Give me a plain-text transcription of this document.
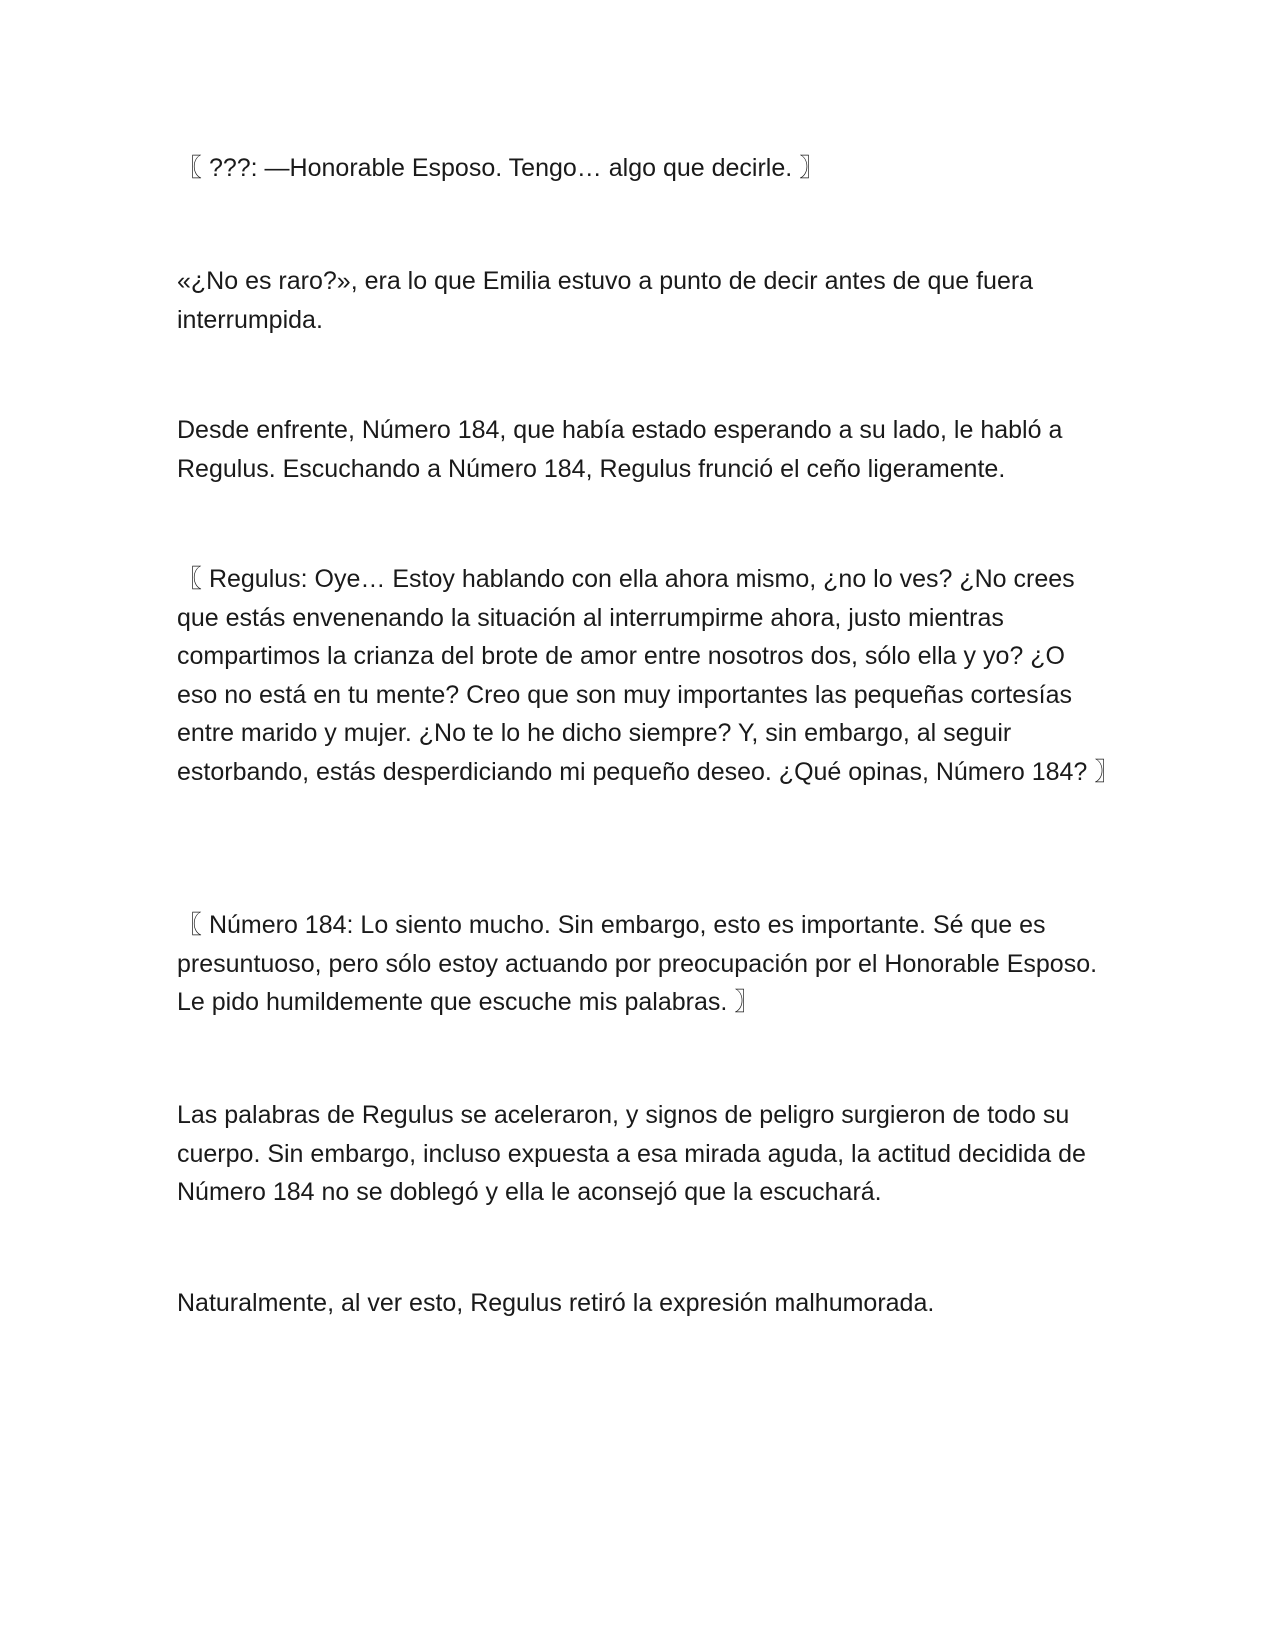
〖 ???: —Honorable Esposo. Tengo… algo que decirle. 〗

«¿No es raro?», era lo que Emilia estuvo a punto de decir antes de que fuera interrumpida.

Desde enfrente, Número 184, que había estado esperando a su lado, le habló a Regulus. Escuchando a Número 184, Regulus frunció el ceño ligeramente.

〖 Regulus: Oye… Estoy hablando con ella ahora mismo, ¿no lo ves? ¿No crees que estás envenenando la situación al interrumpirme ahora, justo mientras compartimos la crianza del brote de amor entre nosotros dos, sólo ella y yo? ¿O eso no está en tu mente? Creo que son muy importantes las pequeñas cortesías entre marido y mujer. ¿No te lo he dicho siempre? Y, sin embargo, al seguir estorbando, estás desperdiciando mi pequeño deseo. ¿Qué opinas, Número 184? 〗

〖 Número 184: Lo siento mucho. Sin embargo, esto es importante. Sé que es presuntuoso, pero sólo estoy actuando por preocupación por el Honorable Esposo. Le pido humildemente que escuche mis palabras. 〗

Las palabras de Regulus se aceleraron, y signos de peligro surgieron de todo su cuerpo. Sin embargo, incluso expuesta a esa mirada aguda, la actitud decidida de Número 184 no se doblegó y ella le aconsejó que la escuchará.

Naturalmente, al ver esto, Regulus retiró la expresión malhumorada.
